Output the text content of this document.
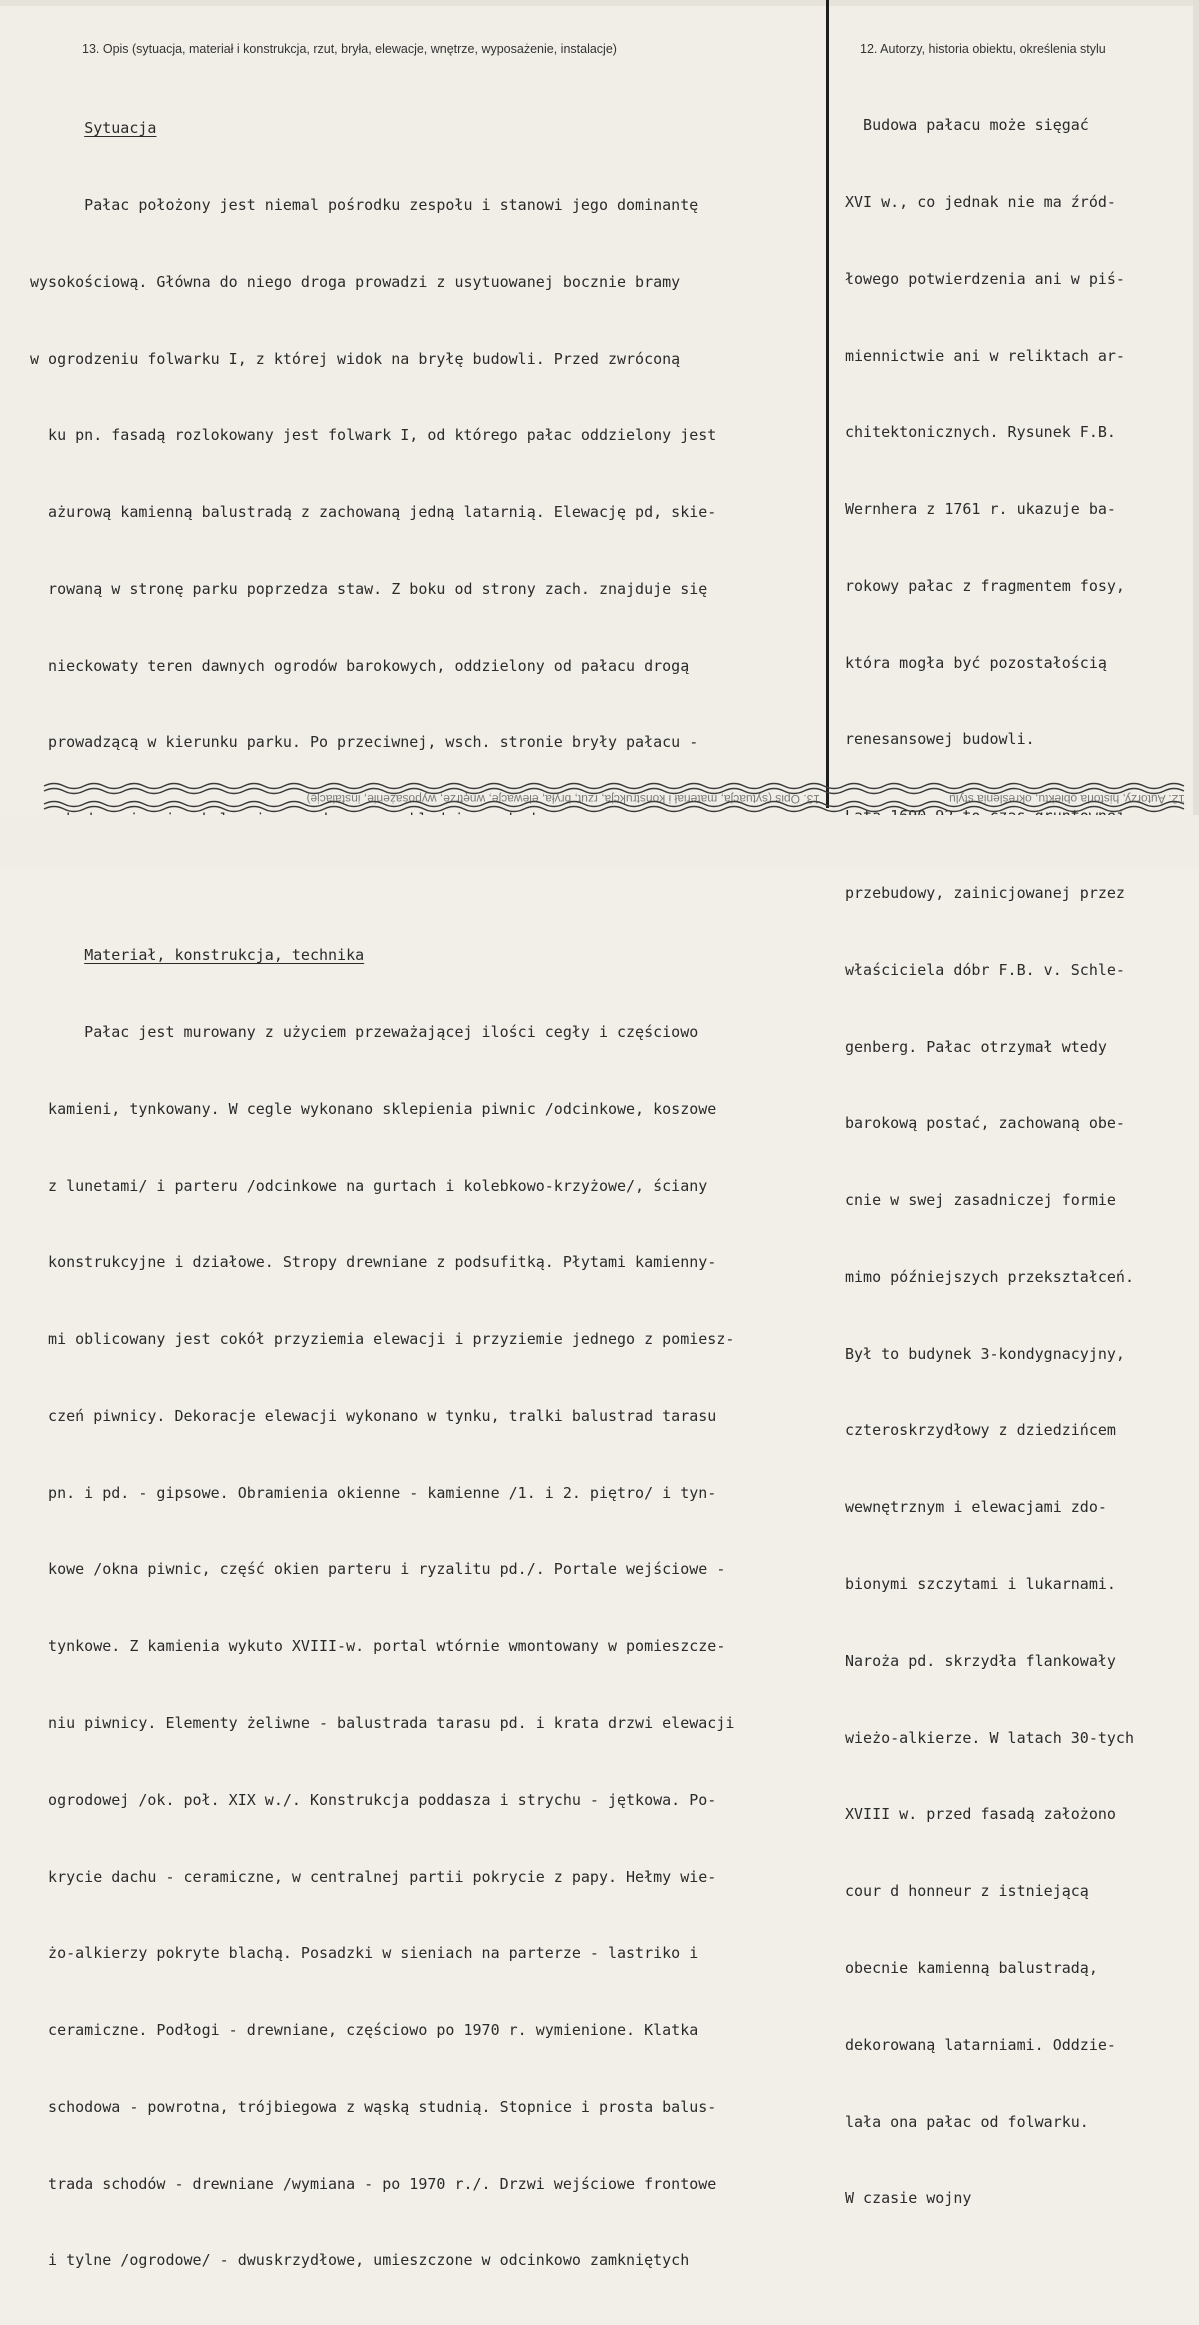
13. Opis (sytuacja, materiał i konstrukcja, rzut, bryła, elewacje, wnętrze, wyposażenie, instalacje)	12. Autorzy, historia obiektu, określenia stylu

Sytuacja

Pałac położony jest niemal pośrodku zespołu i stanowi jego dominantę

wysokościową. Główna do niego droga prowadzi z usytuowanej bocznie bramy

w ogrodzeniu folwarku I, z której widok na bryłę budowli. Przed zwróconą

ku pn. fasadą rozlokowany jest folwark I, od którego pałac oddzielony jest

ażurową kamienną balustradą z zachowaną jedną latarnią. Elewację pd, skie-

rowaną w stronę parku poprzedza staw. Z boku od strony zach. znajduje się

nieckowaty teren dawnych ogrodów barokowych, oddzielony od pałacu drogą

prowadzącą w kierunku parku. Po przeciwnej, wsch. stronie bryły pałacu -

Materiał, konstrukcja, technika

Pałac jest murowany z użyciem przeważającej ilości cegły i częściowo

kamieni, tynkowany. W cegle wykonano sklepienia piwnic /odcinkowe, koszowe

z lunetami/ i parteru /odcinkowe na gurtach i kolebkowo-krzyżowe/, ściany

konstrukcyjne i działowe. Stropy drewniane z podsufitką. Płytami kamienny-

mi oblicowany jest cokół przyziemia elewacji i przyziemie jednego z pomiesz-

czeń piwnicy. Dekoracje elewacji wykonano w tynku, tralki balustrad tarasu

pn. i pd. - gipsowe. Obramienia okienne - kamienne /1. i 2. piętro/ i tyn-

kowe /okna piwnic, część okien parteru i ryzalitu pd./. Portale wejściowe -

tynkowe. Z kamienia wykuto XVIII-w. portal wtórnie wmontowany w pomieszcze-

niu piwnicy. Elementy żeliwne - balustrada tarasu pd. i krata drzwi elewacji

ogrodowej /ok. poł. XIX w./. Konstrukcja poddasza i strychu - jętkowa. Po-

krycie dachu - ceramiczne, w centralnej partii pokrycie z papy. Hełmy wie-

żo-alkierzy pokryte blachą. Posadzki w sieniach na parterze - lastriko i

ceramiczne. Podłogi - drewniane, częściowo po 1970 r. wymienione. Klatka

schodowa - powrotna, trójbiegowa z wąską studnią. Stopnice i prosta balus-

trada schodów - drewniane /wymiana - po 1970 r./. Drzwi wejściowe frontowe

i tylne /ogrodowe/ - dwuskrzydłowe, umieszczone w odcinkowo zamkniętych

Budowa pałacu może sięgać

XVI w., co jednak nie ma źród-

łowego potwierdzenia ani w piś-

miennictwie ani w reliktach ar-

chitektonicznych. Rysunek F.B.

Wernhera z 1761 r. ukazuje ba-

rokowy pałac z fragmentem fosy,

która mogła być pozostałością

renesansowej budowli.

przebudowy, zainicjowanej przez

właściciela dóbr F.B. v. Schle-

genberg. Pałac otrzymał wtedy

barokową postać, zachowaną obe-

cnie w swej zasadniczej formie

mimo późniejszych przekształceń.

Był to budynek 3-kondygnacyjny,

czteroskrzydłowy z dziedzińcem

wewnętrznym i elewacjami zdo-

bionymi szczytami i lukarnami.

Naroża pd. skrzydła flankowały

wieżo-alkierze. W latach 30-tych

XVIII w. przed fasadą założono

cour d honneur z istniejącą

obecnie kamienną balustradą,

dekorowaną latarniami. Oddzie-

lała ona pałac od folwarku.

W czasie wojny

13. Opis (sytuacja, materiał i konstrukcja, rzut, bryła, elewacje, wnętrze, wyposażenie, instalacje)	12. Autorzy, historia obiektu, określenia stylu
